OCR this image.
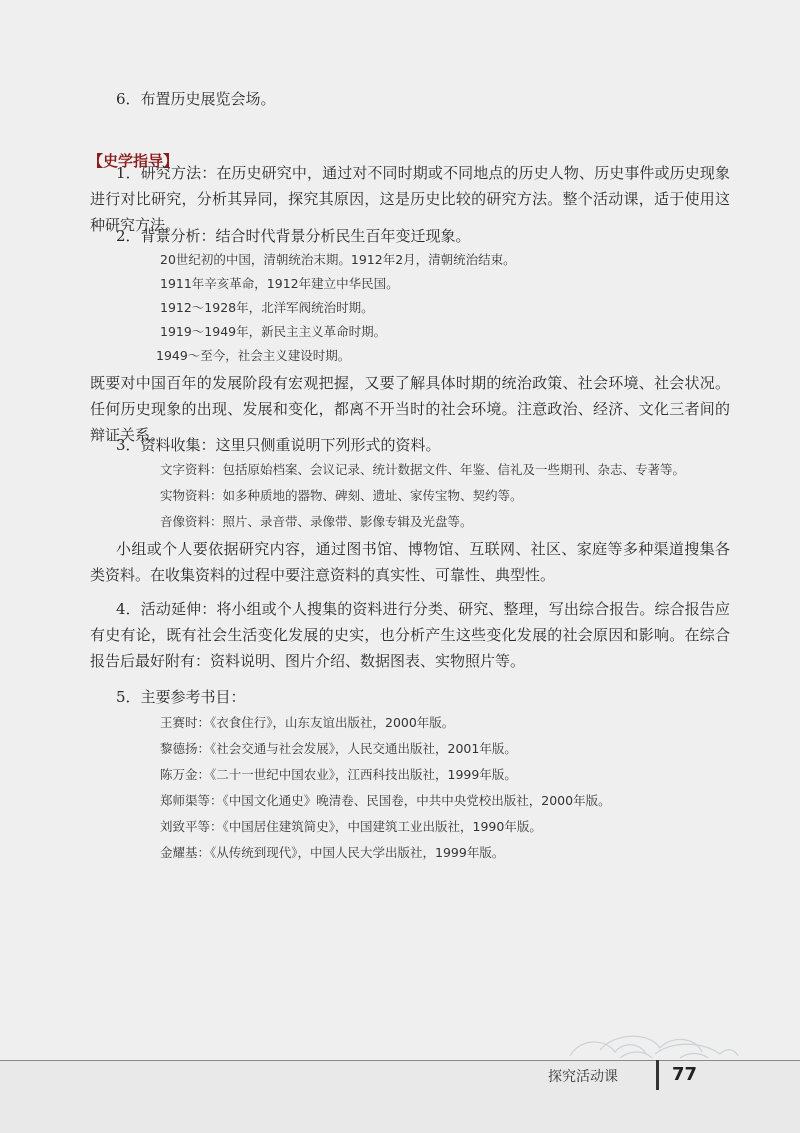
6．布置历史展览会场。

【史学指导】

1．研究方法：在历史研究中，通过对不同时期或不同地点的历史人物、历史事件或历史现象进行对比研究，分析其异同，探究其原因，这是历史比较的研究方法。整个活动课，适于使用这种研究方法。

2．背景分析：结合时代背景分析民生百年变迁现象。

20世纪初的中国，清朝统治末期。1912年2月，清朝统治结束。

1911年辛亥革命，1912年建立中华民国。

1912～1928年，北洋军阀统治时期。

1919～1949年，新民主主义革命时期。

1949～至今，社会主义建设时期。

既要对中国百年的发展阶段有宏观把握，又要了解具体时期的统治政策、社会环境、社会状况。任何历史现象的出现、发展和变化，都离不开当时的社会环境。注意政治、经济、文化三者间的辩证关系。

3．资料收集：这里只侧重说明下列形式的资料。

文字资料：包括原始档案、会议记录、统计数据文件、年鉴、信礼及一些期刊、杂志、专著等。

实物资料：如多种质地的器物、碑刻、遗址、家传宝物、契约等。

音像资料：照片、录音带、录像带、影像专辑及光盘等。

小组或个人要依据研究内容，通过图书馆、博物馆、互联网、社区、家庭等多种渠道搜集各类资料。在收集资料的过程中要注意资料的真实性、可靠性、典型性。

4．活动延伸：将小组或个人搜集的资料进行分类、研究、整理，写出综合报告。综合报告应有史有论，既有社会生活变化发展的史实，也分析产生这些变化发展的社会原因和影响。在综合报告后最好附有：资料说明、图片介绍、数据图表、实物照片等。

5．主要参考书目：

王赛时：《衣食住行》，山东友谊出版社，2000年版。

黎德扬：《社会交通与社会发展》，人民交通出版社，2001年版。

陈万金：《二十一世纪中国农业》，江西科技出版社，1999年版。

郑师渠等：《中国文化通史》晚清卷、民国卷，中共中央党校出版社，2000年版。

刘致平等：《中国居住建筑简史》，中国建筑工业出版社，1990年版。

金耀基：《从传统到现代》，中国人民大学出版社，1999年版。

探究活动课	77
